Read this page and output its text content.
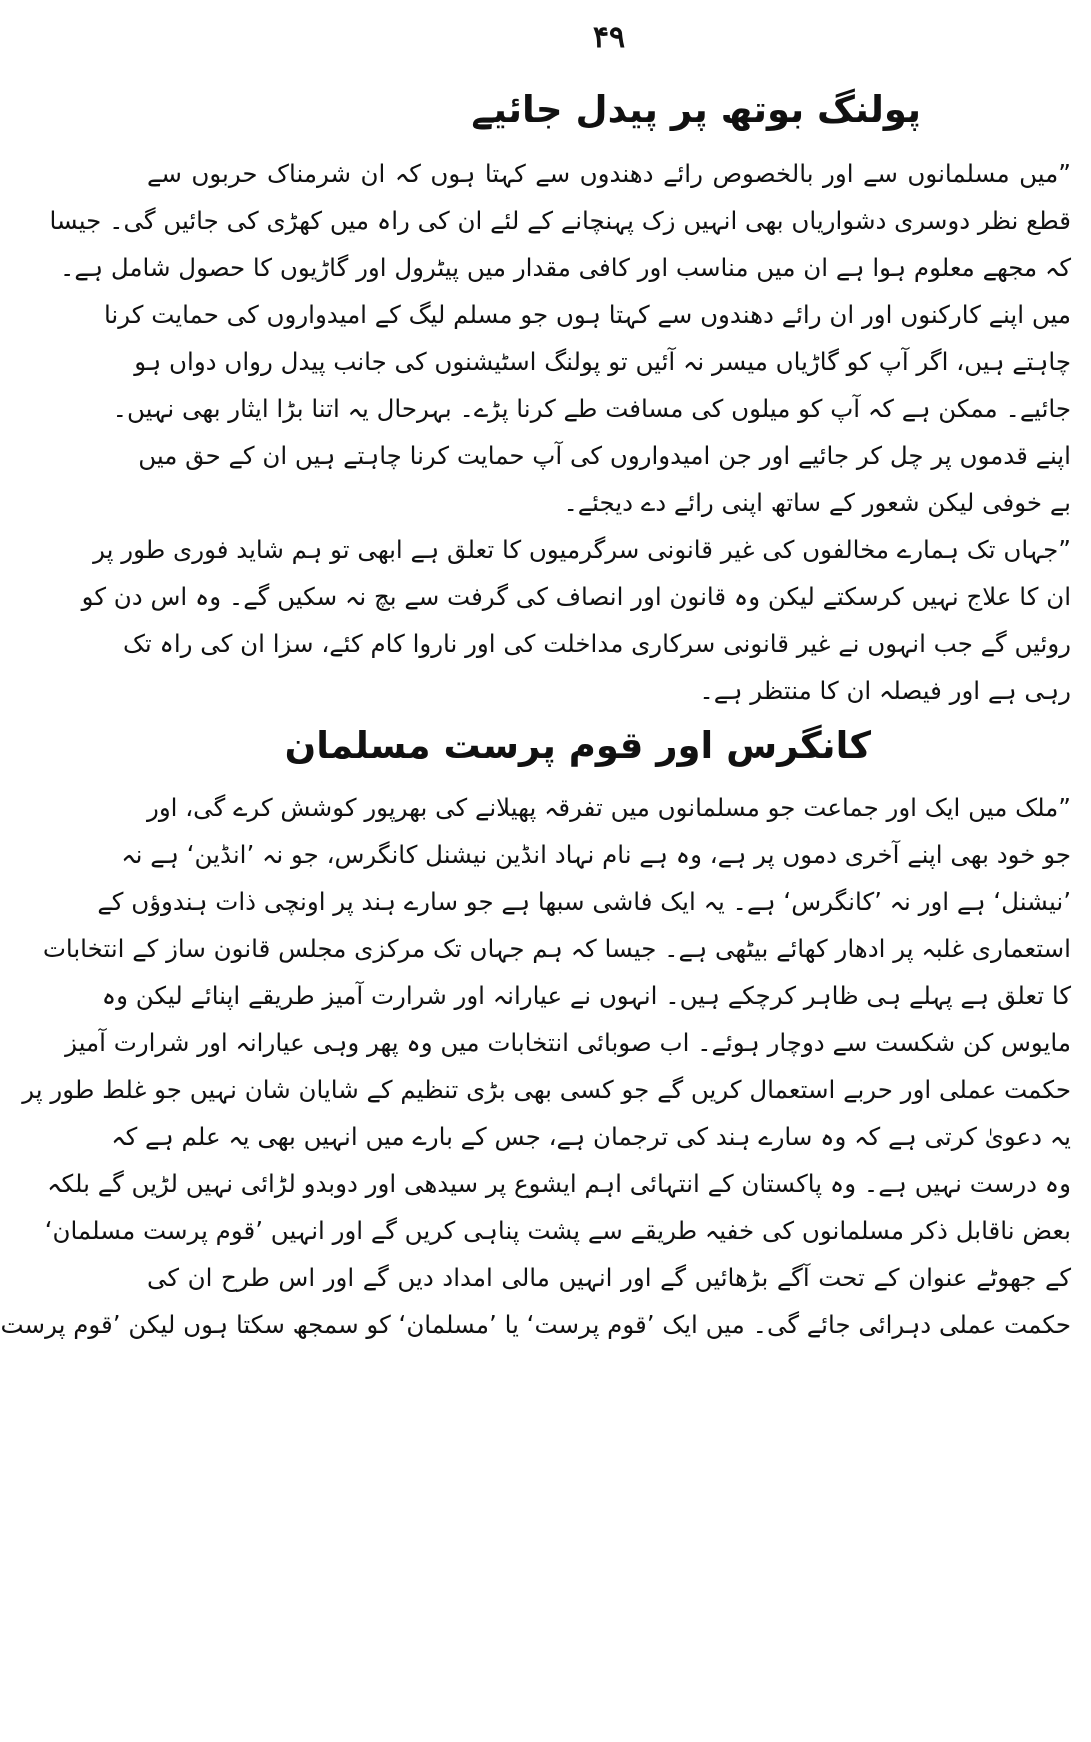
۴۹
پولنگ بوتھ پر پیدل جائیے
”میں مسلمانوں سے اور بالخصوص رائے دھندوں سے کہتا ہوں کہ ان شرمناک حربوں سے
قطع نظر دوسری دشواریاں بھی انہیں زک پہنچانے کے لئے ان کی راہ میں کھڑی کی جائیں گی۔ جیسا
کہ مجھے معلوم ہوا ہے ان میں مناسب اور کافی مقدار میں پیٹرول اور گاڑیوں کا حصول شامل ہے۔
میں اپنے کارکنوں اور ان رائے دھندوں سے کہتا ہوں جو مسلم لیگ کے امیدواروں کی حمایت کرنا
چاہتے ہیں، اگر آپ کو گاڑیاں میسر نہ آئیں تو پولنگ اسٹیشنوں کی جانب پیدل رواں دواں ہو
جائیے۔ ممکن ہے کہ آپ کو میلوں کی مسافت طے کرنا پڑے۔ بہرحال یہ اتنا بڑا ایثار بھی نہیں۔
اپنے قدموں پر چل کر جائیے اور جن امیدواروں کی آپ حمایت کرنا چاہتے ہیں ان کے حق میں
بے خوفی لیکن شعور کے ساتھ اپنی رائے دے دیجئے۔
”جہاں تک ہمارے مخالفوں کی غیر قانونی سرگرمیوں کا تعلق ہے ابھی تو ہم شاید فوری طور پر
ان کا علاج نہیں کرسکتے لیکن وہ قانون اور انصاف کی گرفت سے بچ نہ سکیں گے۔ وہ اس دن کو
روئیں گے جب انہوں نے غیر قانونی سرکاری مداخلت کی اور ناروا کام کئے، سزا ان کی راہ تک
رہی ہے اور فیصلہ ان کا منتظر ہے۔
کانگرس اور قوم پرست مسلمان
”ملک میں ایک اور جماعت جو مسلمانوں میں تفرقہ پھیلانے کی بھرپور کوشش کرے گی، اور
جو خود بھی اپنے آخری دموں پر ہے، وہ ہے نام نہاد انڈین نیشنل کانگرس، جو نہ ’انڈین‘ ہے نہ
’نیشنل‘ ہے اور نہ ’کانگرس‘ ہے۔ یہ ایک فاشی سبھا ہے جو سارے ہند پر اونچی ذات ہندوؤں کے
استعماری غلبہ پر ادھار کھائے بیٹھی ہے۔ جیسا کہ ہم جہاں تک مرکزی مجلس قانون ساز کے انتخابات
کا تعلق ہے پہلے ہی ظاہر کرچکے ہیں۔ انہوں نے عیارانہ اور شرارت آمیز طریقے اپنائے لیکن وہ
مایوس کن شکست سے دوچار ہوئے۔ اب صوبائی انتخابات میں وہ پھر وہی عیارانہ اور شرارت آمیز
حکمت عملی اور حربے استعمال کریں گے جو کسی بھی بڑی تنظیم کے شایان شان نہیں جو غلط طور پر
یہ دعویٰ کرتی ہے کہ وہ سارے ہند کی ترجمان ہے، جس کے بارے میں انہیں بھی یہ علم ہے کہ
وہ درست نہیں ہے۔ وہ پاکستان کے انتہائی اہم ایشوع پر سیدھی اور دوبدو لڑائی نہیں لڑیں گے بلکہ
بعض ناقابل ذکر مسلمانوں کی خفیہ طریقے سے پشت پناہی کریں گے اور انہیں ’قوم پرست مسلمان‘
کے جھوٹے عنوان کے تحت آگے بڑھائیں گے اور انہیں مالی امداد دیں گے اور اس طرح ان کی
حکمت عملی دہرائی جائے گی۔ میں ایک ’قوم پرست‘ یا ’مسلمان‘ کو سمجھ سکتا ہوں لیکن ’قوم پرست
